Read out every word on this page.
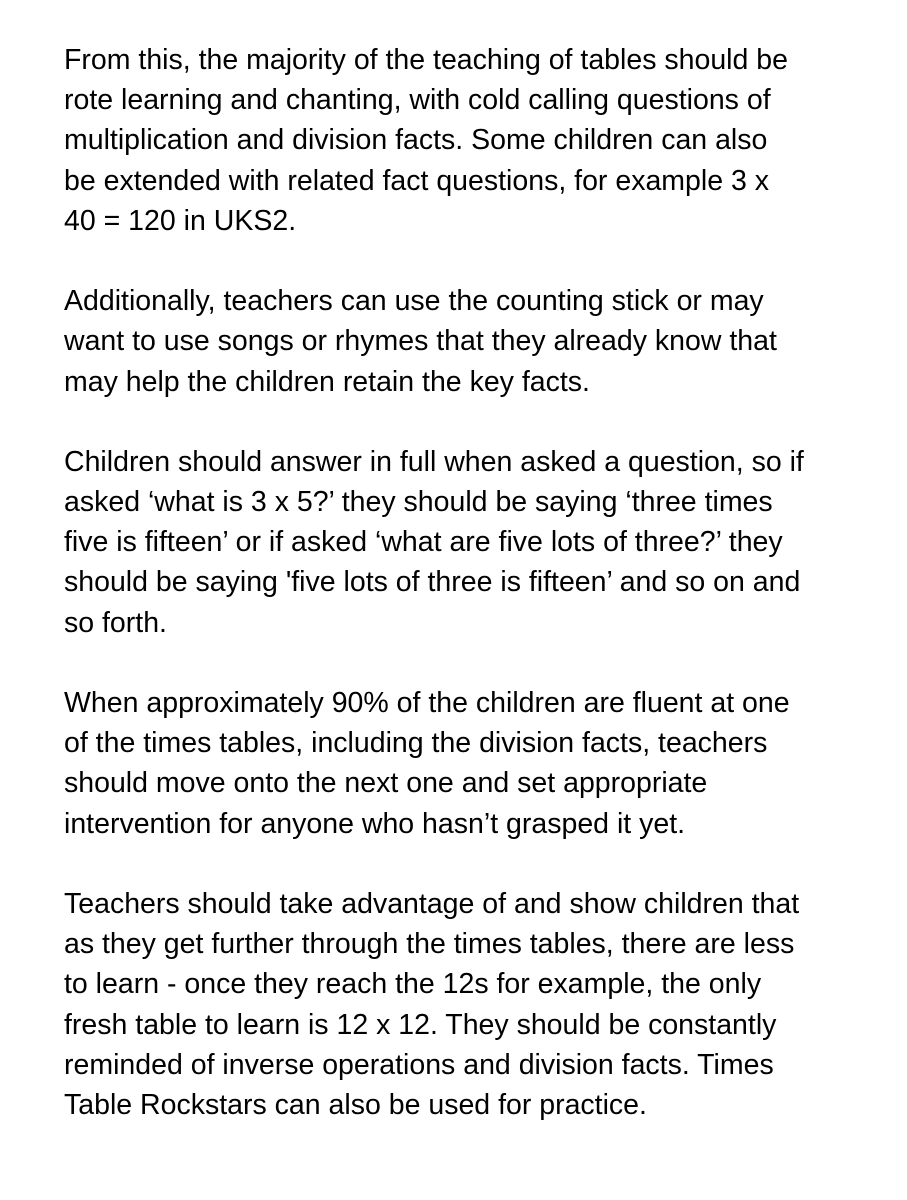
From this, the majority of the teaching of tables should be
rote learning and chanting, with cold calling questions of
multiplication and division facts. Some children can also
be extended with related fact questions, for example 3 x
40 = 120 in UKS2.
Additionally, teachers can use the counting stick or may
want to use songs or rhymes that they already know that
may help the children retain the key facts.
Children should answer in full when asked a question, so if
asked ‘what is 3 x 5?’ they should be saying ‘three times
five is fifteen’ or if asked ‘what are five lots of three?’ they
should be saying 'five lots of three is fifteen’ and so on and
so forth.
When approximately 90% of the children are fluent at one
of the times tables, including the division facts, teachers
should move onto the next one and set appropriate
intervention for anyone who hasn’t grasped it yet.
Teachers should take advantage of and show children that
as they get further through the times tables, there are less
to learn - once they reach the 12s for example, the only
fresh table to learn is 12 x 12. They should be constantly
reminded of inverse operations and division facts. Times
Table Rockstars can also be used for practice.
